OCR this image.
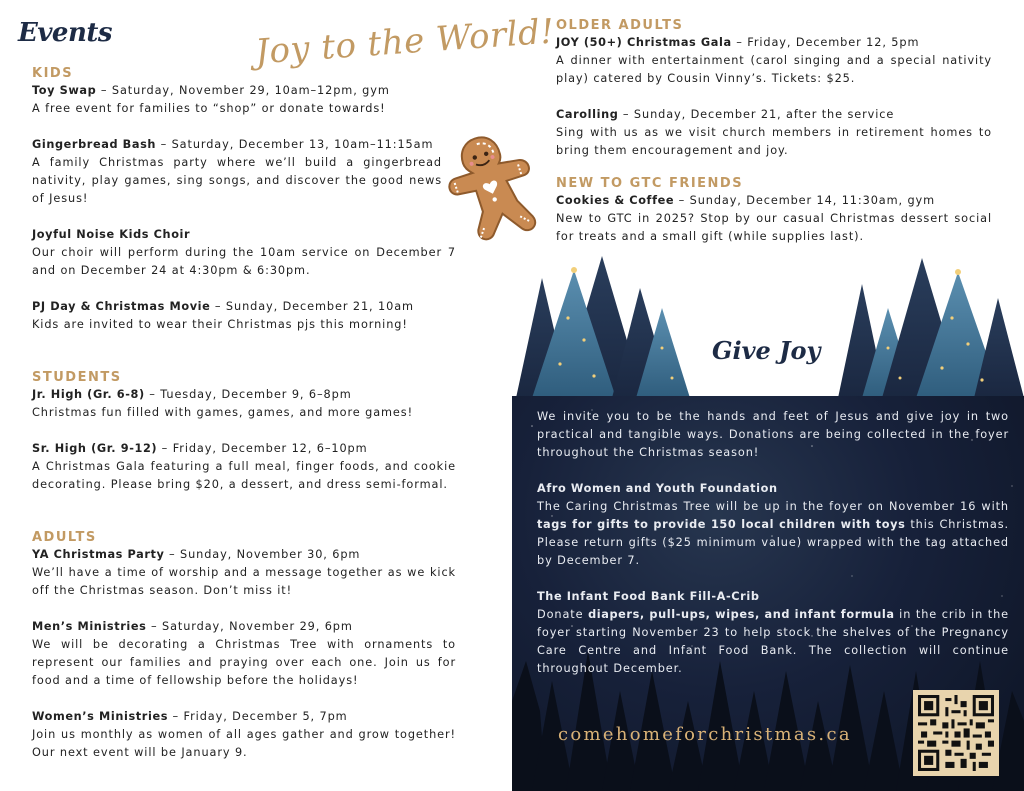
Events	Joy to the World!
KIDS
Toy Swap – Saturday, November 29, 10am–12pm, gym
A free event for families to “shop” or donate towards!
Gingerbread Bash – Saturday, December 13, 10am–11:15am
A family Christmas party where we’ll build a gingerbread nativity, play games, sing songs, and discover the good news of Jesus!
Joyful Noise Kids Choir
Our choir will perform during the 10am service on December 7 and on December 24 at 4:30pm & 6:30pm.
PJ Day & Christmas Movie – Sunday, December 21, 10am
Kids are invited to wear their Christmas pjs this morning!
STUDENTS
Jr. High (Gr. 6-8) – Tuesday, December 9, 6–8pm
Christmas fun filled with games, games, and more games!
Sr. High (Gr. 9-12) – Friday, December 12, 6–10pm
A Christmas Gala featuring a full meal, finger foods, and cookie decorating. Please bring $20, a dessert, and dress semi-formal.
ADULTS
YA Christmas Party – Sunday, November 30, 6pm
We’ll have a time of worship and a message together as we kick off the Christmas season. Don’t miss it!
Men’s Ministries – Saturday, November 29, 6pm
We will be decorating a Christmas Tree with ornaments to represent our families and praying over each one. Join us for food and a time of fellowship before the holidays!
Women’s Ministries – Friday, December 5, 7pm
Join us monthly as women of all ages gather and grow together! Our next event will be January 9.
OLDER ADULTS
JOY (50+) Christmas Gala – Friday, December 12, 5pm
A dinner with entertainment (carol singing and a special nativity play) catered by Cousin Vinny’s. Tickets: $25.
Carolling – Sunday, December 21, after the service
Sing with us as we visit church members in retirement homes to bring them encouragement and joy.
NEW TO GTC FRIENDS
Cookies & Coffee – Sunday, December 14, 11:30am, gym
New to GTC in 2025? Stop by our casual Christmas dessert social for treats and a small gift (while supplies last).
Give Joy

We invite you to be the hands and feet of Jesus and give joy in two practical and tangible ways. Donations are being collected in the foyer throughout the Christmas season!

Afro Women and Youth Foundation
The Caring Christmas Tree will be up in the foyer on November 16 with tags for gifts to provide 150 local children with toys this Christmas. Please return gifts ($25 minimum value) wrapped with the tag attached by December 7.

The Infant Food Bank Fill-A-Crib
Donate diapers, pull-ups, wipes, and infant formula in the crib in the foyer starting November 23 to help stock the shelves of the Pregnancy Care Centre and Infant Food Bank. The collection will continue throughout December.

comehomeforchristmas.ca
